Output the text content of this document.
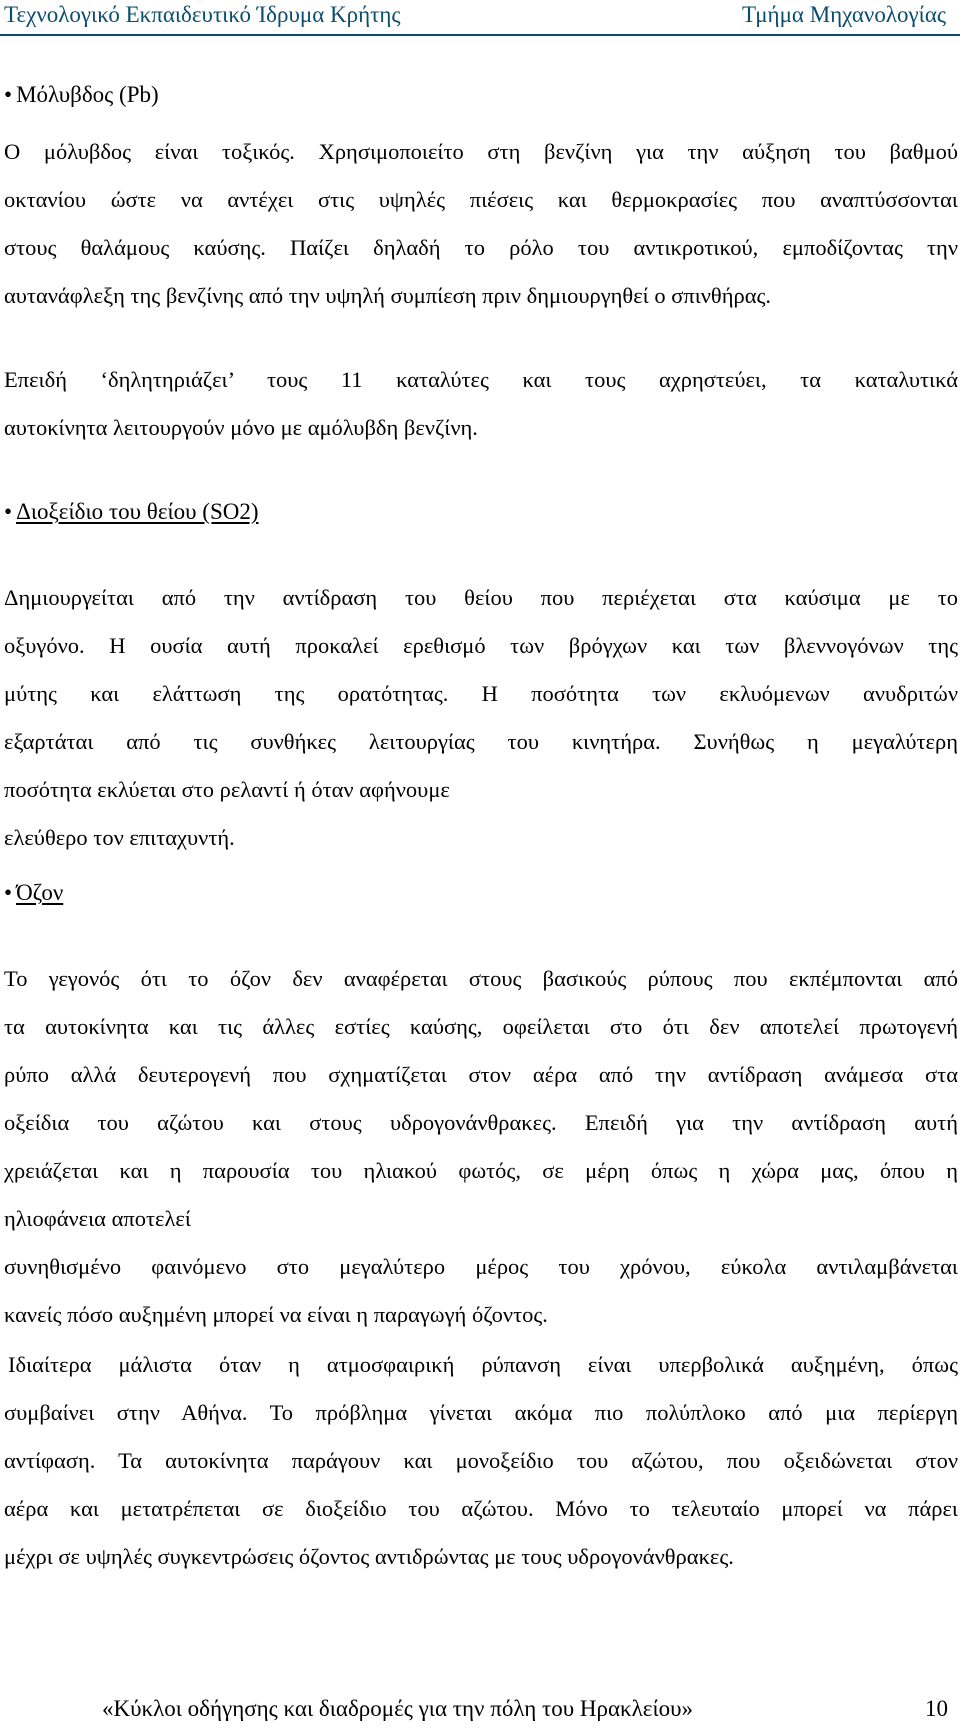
Τεχνολογικό Εκπαιδευτικό Ίδρυμα Κρήτης	Τμήμα Μηχανολογίας
• Μόλυβδος (Pb)
Ο μόλυβδος είναι τοξικός. Χρησιμοποιείτο στη βενζίνη για την αύξηση του βαθμού
οκτανίου ώστε να αντέχει στις υψηλές πιέσεις και θερμοκρασίες που αναπτύσσονται
στους θαλάμους καύσης. Παίζει δηλαδή το ρόλο του αντικροτικού, εμποδίζοντας την
αυτανάφλεξη της βενζίνης από την υψηλή συμπίεση πριν δημιουργηθεί ο σπινθήρας.
Επειδή ‘δηλητηριάζει’ τους 11 καταλύτες και τους αχρηστεύει, τα καταλυτικά
αυτοκίνητα λειτουργούν μόνο με αμόλυβδη βενζίνη.
• Διοξείδιο του θείου (SO2)
Δημιουργείται από την αντίδραση του θείου που περιέχεται στα καύσιμα με το
οξυγόνο. Η ουσία αυτή προκαλεί ερεθισμό των βρόγχων και των βλεννογόνων της
μύτης και ελάττωση της ορατότητας. Η ποσότητα των εκλυόμενων ανυδριτών
εξαρτάται από τις συνθήκες λειτουργίας του κινητήρα. Συνήθως η μεγαλύτερη
ποσότητα εκλύεται στο ρελαντί ή όταν αφήνουμε
ελεύθερο τον επιταχυντή.
• Όζον
Το γεγονός ότι το όζον δεν αναφέρεται στους βασικούς ρύπους που εκπέμπονται από
τα αυτοκίνητα και τις άλλες εστίες καύσης, οφείλεται στο ότι δεν αποτελεί πρωτογενή
ρύπο αλλά δευτερογενή που σχηματίζεται στον αέρα από την αντίδραση ανάμεσα στα
οξείδια του αζώτου και στους υδρογονάνθρακες. Επειδή για την αντίδραση αυτή
χρειάζεται και η παρουσία του ηλιακού φωτός, σε μέρη όπως η χώρα μας, όπου η
ηλιοφάνεια αποτελεί
συνηθισμένο φαινόμενο στο μεγαλύτερο μέρος του χρόνου, εύκολα αντιλαμβάνεται
κανείς πόσο αυξημένη μπορεί να είναι η παραγωγή όζοντος.
Ιδιαίτερα μάλιστα όταν η ατμοσφαιρική ρύπανση είναι υπερβολικά αυξημένη, όπως
συμβαίνει στην Αθήνα. Το πρόβλημα γίνεται ακόμα πιο πολύπλοκο από μια περίεργη
αντίφαση. Τα αυτοκίνητα παράγουν και μονοξείδιο του αζώτου, που οξειδώνεται στον
αέρα και μετατρέπεται σε διοξείδιο του αζώτου. Μόνο το τελευταίο μπορεί να πάρει
μέχρι σε υψηλές συγκεντρώσεις όζοντος αντιδρώντας με τους υδρογονάνθρακες.
«Κύκλοι οδήγησης και διαδρομές για την πόλη του Ηρακλείου»	10
